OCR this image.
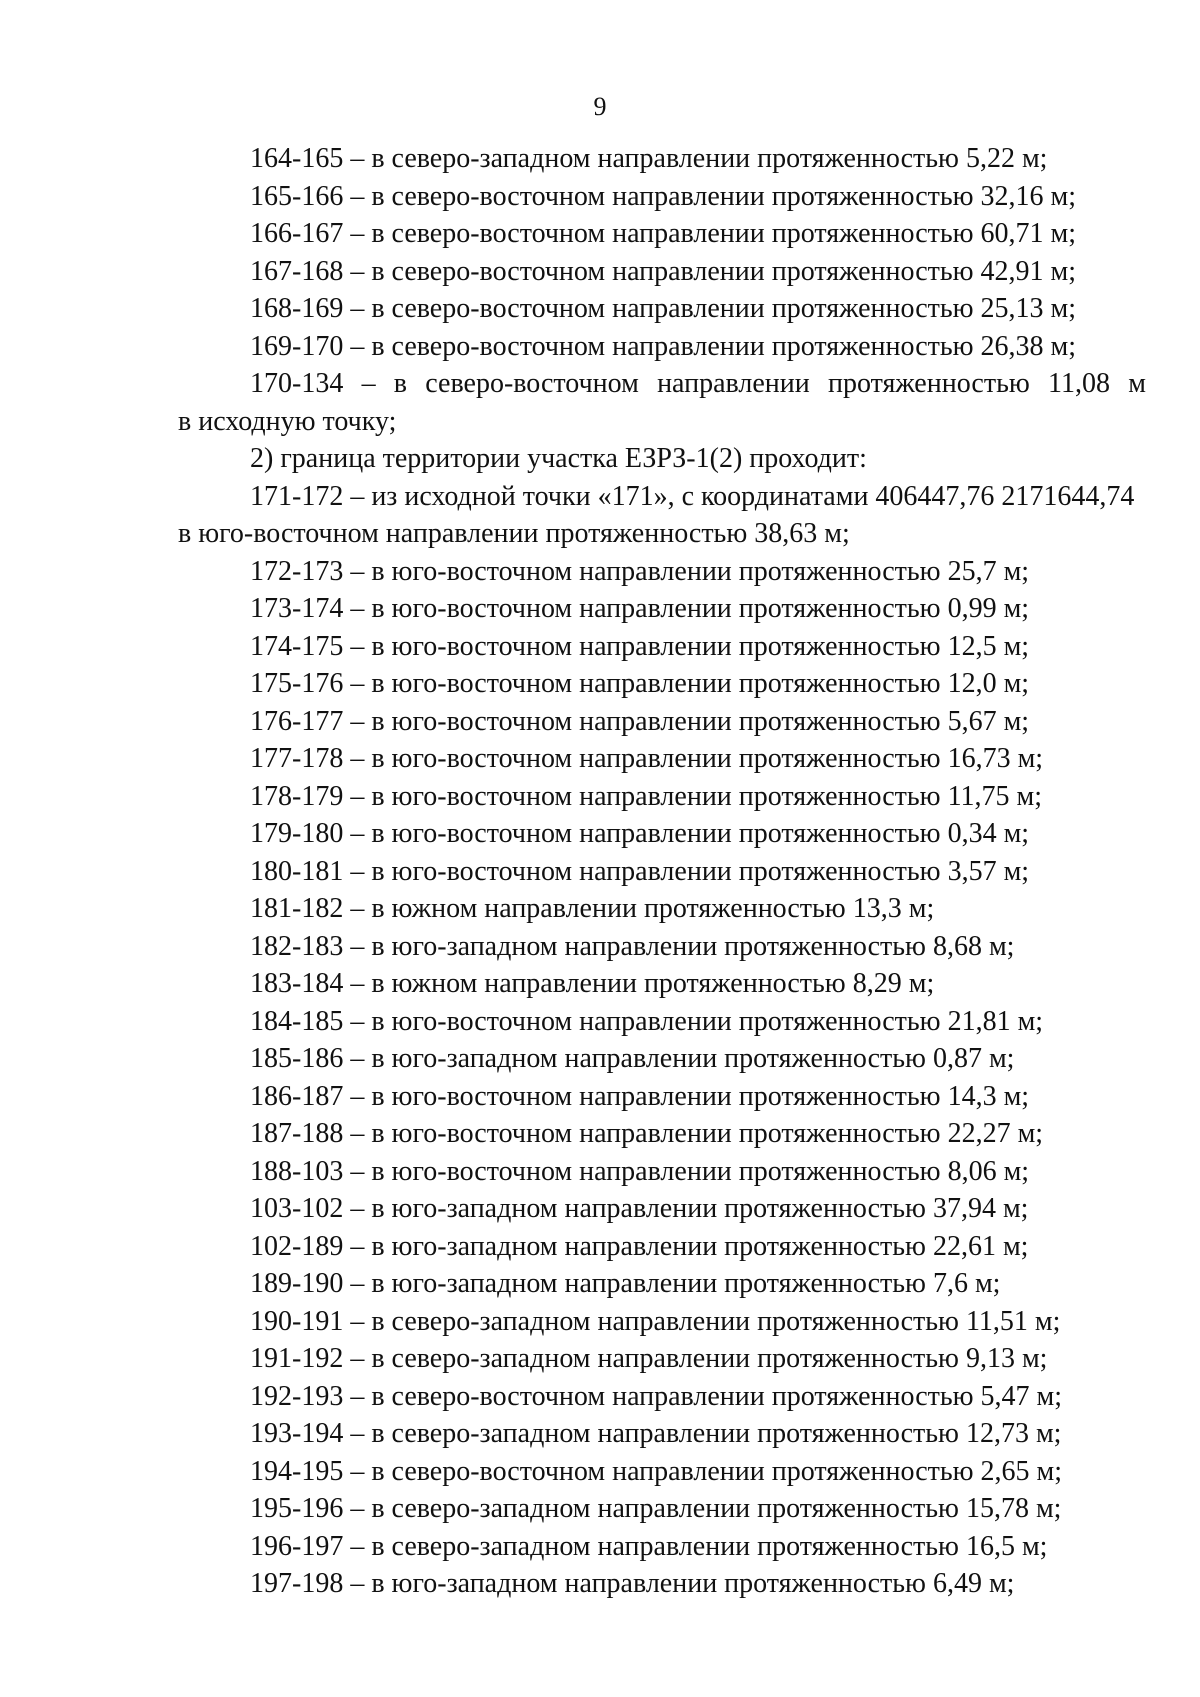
9
164-165 – в северо-западном направлении протяженностью 5,22 м;
165-166 – в северо-восточном направлении протяженностью 32,16 м;
166-167 – в северо-восточном направлении протяженностью 60,71 м;
167-168 – в северо-восточном направлении протяженностью 42,91 м;
168-169 – в северо-восточном направлении протяженностью 25,13 м;
169-170 – в северо-восточном направлении протяженностью 26,38 м;
170-134 – в северо-восточном направлении протяженностью 11,08 м
в исходную точку;
2) граница территории участка ЕЗРЗ-1(2) проходит:
171-172 – из исходной точки «171», с координатами 406447,76 2171644,74
в юго-восточном направлении протяженностью 38,63 м;
172-173 – в юго-восточном направлении протяженностью 25,7 м;
173-174 – в юго-восточном направлении протяженностью 0,99 м;
174-175 – в юго-восточном направлении протяженностью 12,5 м;
175-176 – в юго-восточном направлении протяженностью 12,0 м;
176-177 – в юго-восточном направлении протяженностью 5,67 м;
177-178 – в юго-восточном направлении протяженностью 16,73 м;
178-179 – в юго-восточном направлении протяженностью 11,75 м;
179-180 – в юго-восточном направлении протяженностью 0,34 м;
180-181 – в юго-восточном направлении протяженностью 3,57 м;
181-182 – в южном направлении протяженностью 13,3 м;
182-183 – в юго-западном направлении протяженностью 8,68 м;
183-184 – в южном направлении протяженностью 8,29 м;
184-185 – в юго-восточном направлении протяженностью 21,81 м;
185-186 – в юго-западном направлении протяженностью 0,87 м;
186-187 – в юго-восточном направлении протяженностью 14,3 м;
187-188 – в юго-восточном направлении протяженностью 22,27 м;
188-103 – в юго-восточном направлении протяженностью 8,06 м;
103-102 – в юго-западном направлении протяженностью 37,94 м;
102-189 – в юго-западном направлении протяженностью 22,61 м;
189-190 – в юго-западном направлении протяженностью 7,6 м;
190-191 – в северо-западном направлении протяженностью 11,51 м;
191-192 – в северо-западном направлении протяженностью 9,13 м;
192-193 – в северо-восточном направлении протяженностью 5,47 м;
193-194 – в северо-западном направлении протяженностью 12,73 м;
194-195 – в северо-восточном направлении протяженностью 2,65 м;
195-196 – в северо-западном направлении протяженностью 15,78 м;
196-197 – в северо-западном направлении протяженностью 16,5 м;
197-198 – в юго-западном направлении протяженностью 6,49 м;
